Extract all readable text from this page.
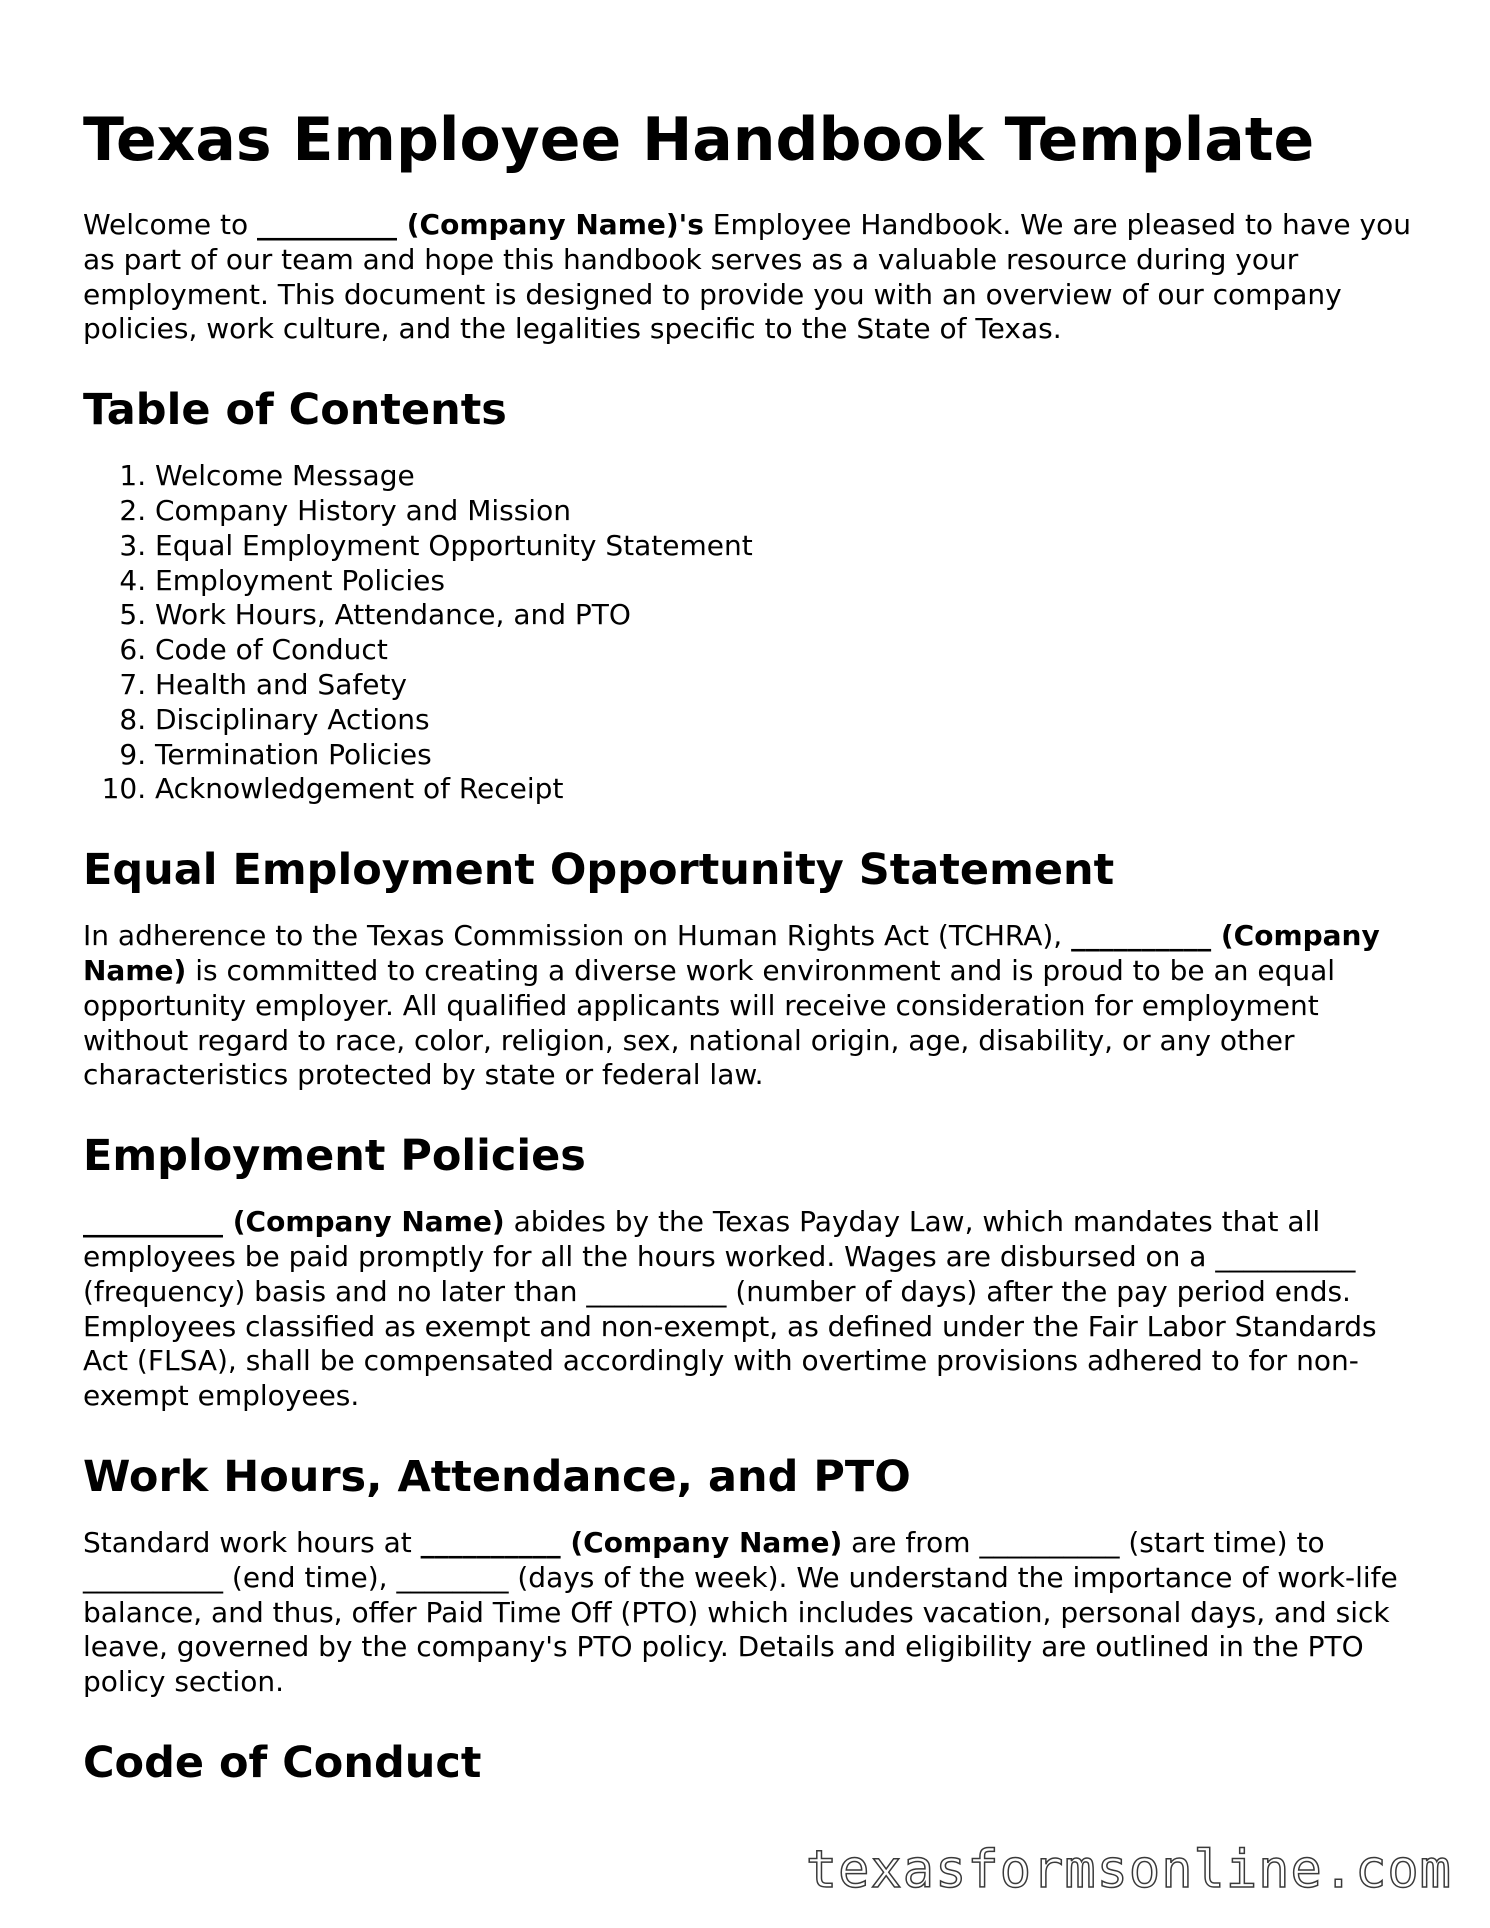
Texas Employee Handbook Template

Welcome to __________ (Company Name)'s Employee Handbook. We are pleased to have you as part of our team and hope this handbook serves as a valuable resource during your employment. This document is designed to provide you with an overview of our company policies, work culture, and the legalities specific to the State of Texas.

Table of Contents
1. Welcome Message
2. Company History and Mission
3. Equal Employment Opportunity Statement
4. Employment Policies
5. Work Hours, Attendance, and PTO
6. Code of Conduct
7. Health and Safety
8. Disciplinary Actions
9. Termination Policies
10. Acknowledgement of Receipt
Equal Employment Opportunity Statement

In adherence to the Texas Commission on Human Rights Act (TCHRA), __________ (Company Name) is committed to creating a diverse work environment and is proud to be an equal opportunity employer. All qualified applicants will receive consideration for employment without regard to race, color, religion, sex, national origin, age, disability, or any other characteristics protected by state or federal law.

Employment Policies

__________ (Company Name) abides by the Texas Payday Law, which mandates that all employees be paid promptly for all the hours worked. Wages are disbursed on a __________ (frequency) basis and no later than __________ (number of days) after the pay period ends. Employees classified as exempt and non-exempt, as defined under the Fair Labor Standards Act (FLSA), shall be compensated accordingly with overtime provisions adhered to for non-exempt employees.

Work Hours, Attendance, and PTO

Standard work hours at __________ (Company Name) are from __________ (start time) to __________ (end time), ________ (days of the week). We understand the importance of work-life balance, and thus, offer Paid Time Off (PTO) which includes vacation, personal days, and sick leave, governed by the company's PTO policy. Details and eligibility are outlined in the PTO policy section.

Code of Conduct
texasformsonline.com
